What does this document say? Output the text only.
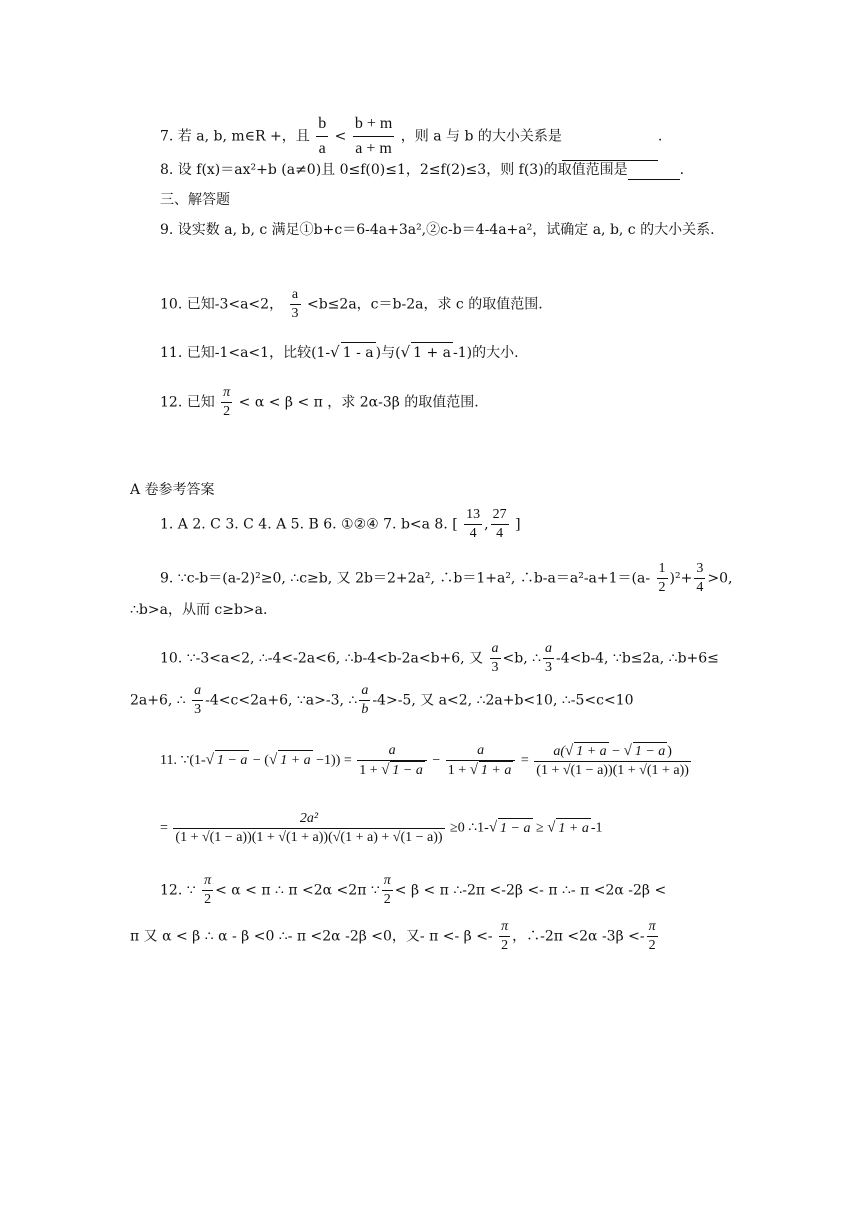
7. 若 a, b, m∈R +，且 $\frac{b}{a} < \frac{b + m}{a + m}$ ，则 a 与 b 的大小关系是	.
8. 设 f(x)＝ax²+b (a≠0)且 0≤f(0)≤1，2≤f(2)≤3，则 f(3)的取值范围是	.
三、解答题
9. 设实数 a, b, c 满足①b+c＝6-4a+3a²,②c-b＝4-4a+a²，试确定 a, b, c 的大小关系.
10. 已知-3<a<2， $\frac{a}{3} <b\le 2a$，c＝b-2a，求 c 的取值范围.
11. 已知-1<a<1，比较(1-√ 1 - a )与(√ 1 + a -1)的大小.
12. 已知 $\frac{\pi}{2} < \alpha < \beta < \pi$ ，求 2α-3β 的取值范围.
A 卷参考答案
1. A 2. C 3. C 4. A 5. B 6. ①②④ 7. b<a 8. [ $\frac{13}{4}$ , $\frac{27}{4}$ ]
9. ∵c-b＝(a-2)²≥0, ∴c≥b, 又 2b＝2+2a², ∴b＝1+a², ∴b-a＝a²-a+1＝(a- $\frac{1}{2} )^2+ \frac{3}{4} >0$,
∴b>a，从而 c≥b>a.
10. ∵-3<a<2, ∴-4<-2a<6, ∴b-4<b-2a<b+6, 又 $\frac{a}{3} <b$, ∴ $\frac{a}{3} -4<b-4$, ∵b≤2a, ∴b+6≤
2a+6, ∴ $\frac{a}{3} -4<c<2a+6$, ∵a>-3, ∴ $\frac{a}{b} -4>-5$, 又 a<2, ∴2a+b<10, ∴-5<c<10
11. ∵(1-√ 1 − a − (√ $1 + a -1)) = \frac{a}{1 + √ 1 - a} - \frac{a}{1 + √ 1 + a} = \frac{a(√ 1 + a - √ 1 - a )}{(1 + √(1 - a))(1 + √(1 + a))}$
= $\frac{\text{2a²}}{(1 + √(1 - a))(1 + √(1 + a))(√(1 + a) + √(1 - a))} \ge 0$ ∴1-√ 1 − a ≥ √ 1 + a -1
12. ∵ $\frac{\pi}{2} < \alpha < \pi$ ∴ π <2α <2π ∵ $\frac{\pi}{2} < \beta < \pi$ ∴-2π <-2β <- π ∴- π <2α -2β <
π 又 α < β ∴ α - β <0 ∴- π <2α -2β <0，又- $\pi <- \beta <- \frac{\pi}{2}$ ，∴-2π <2α $-3\beta <- \frac{\pi}{2}$
